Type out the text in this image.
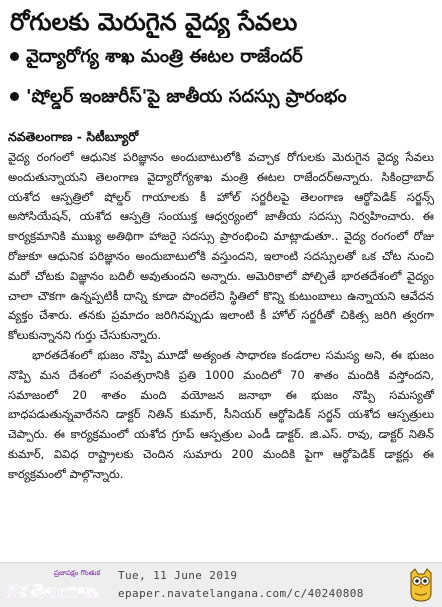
రోగులకు మెరుగైన వైద్య సేవలు
వైద్యారోగ్య శాఖ మంత్రి ఈటల రాజేందర్
'షోల్డర్ ఇంజురీస్'పై జాతీయ సదస్సు ప్రారంభం
నవతెలంగాణ - సిటీబ్యూరో

వైద్య రంగంలో ఆధునిక పరిజ్ఞానం అందుబాటులోకి వచ్చాక రోగులకు మెరుగైన వైద్య సేవలు అందుతున్నాయని తెలంగాణ వైద్యారోగ్యశాఖ మంత్రి ఈటల రాజేందర్అన్నారు. సికింద్రాబాద్ యశోద ఆస్పత్రిలో షోల్డర్ గాయాలకు కీ హోల్ సర్జరీలపై తెలంగాణ ఆర్థోపెడిక్ సర్జన్స్ అసోసియేషన్, యశోద ఆస్పత్రి సంయుక్త ఆధ్వర్యంలో జాతీయ సదస్సు నిర్వహించారు. ఈ కార్యక్రమానికి ముఖ్య అతిథిగా హాజరై సదస్సు ప్రారంభించి మాట్లాడుతూ.. వైద్య రంగంలో రోజు రోజుకూ ఆధునిక పరిజ్ఞానం అందుబాటులోకి వస్తుందని, ఇలాంటి సదస్సులతో ఒక చోట నుంచి మరో చోటకు విజ్ఞానం బదిలీ అవుతుందని అన్నారు. అమెరికాలో పోల్చితే భారతదేశంలో వైద్యం చాలా చౌకగా ఉన్నప్పటికీ దాన్ని కూడా పొందలేని స్థితిలో కొన్ని కుటుంబాలు ఉన్నాయని ఆవేదన వ్యక్తం చేశారు. తనకు ప్రమాదం జరిగినప్పుడు ఇలాంటి కీ హోల్ సర్జరీతో చికిత్స జరిగి త్వరగా కోలుకున్నానని గుర్తు చేసుకున్నారు.

భారతదేశంలో భుజం నొప్పి మూడో అత్యంత సాధారణ కండరాల సమస్య అని, ఈ భుజం నొప్పి మన దేశంలో సంవత్సరానికి ప్రతి 1000 మందిలో 70 శాతం మందికి వస్తోందని, సమాజంలో 20 శాతం మంది వయోజన జనాభా ఈ భుజం నొప్పి సమస్యతో బాధపడుతున్నవారేనని డాక్టర్ నితిన్ కుమార్, సీనియర్ ఆర్థోపెడిక్ సర్జన్ యశోద ఆస్పత్రులు చెప్పారు. ఈ కార్యక్రమంలో యశోద గ్రూప్ ఆస్పత్రుల ఎండీ డాక్టర్. జి.ఎస్. రావు, డాక్టర్ నితిన్ కుమార్, వివిధ రాష్ట్రాలకు చెందిన సుమారు 200 మందికి పైగా ఆర్థోపెడిక్ డాక్టర్లు ఈ కార్యక్రమంలో పాల్గొన్నారు.

ప్రజాపక్షం గొంతుక
నవతెలంగాణ
Tue, 11 June 2019
epaper.navatelangana.com/c/40240808
